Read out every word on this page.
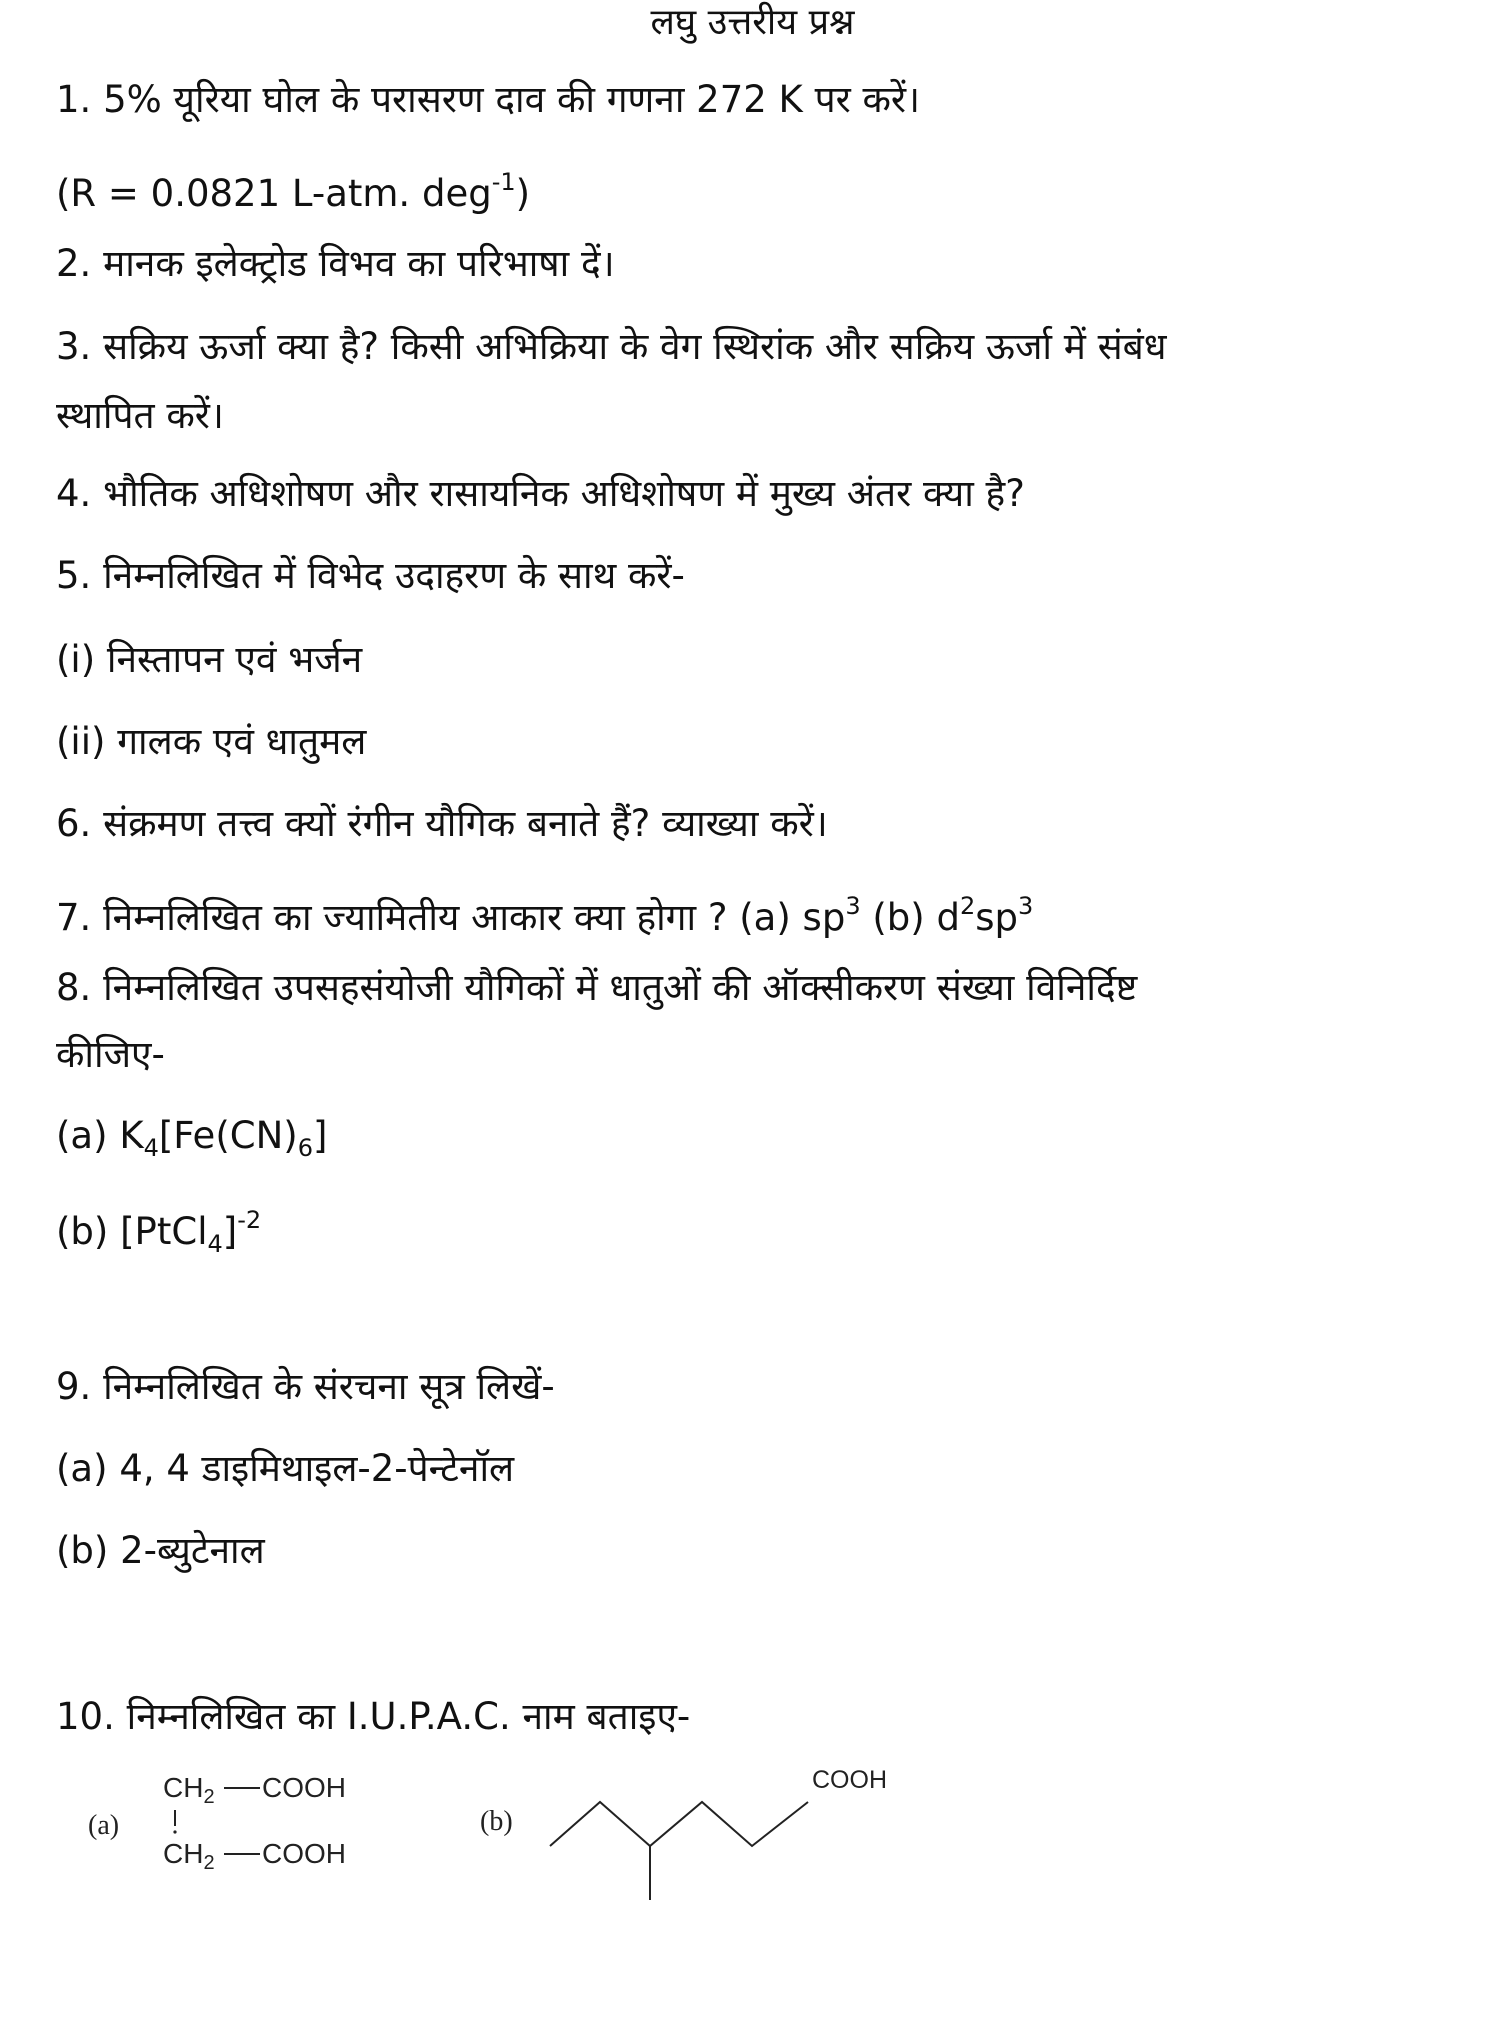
लघु उत्तरीय प्रश्न
1. 5% यूरिया घोल के परासरण दाव की गणना 272 K पर करें।
(R = 0.0821 L-atm. deg$^{-1}$)
2. मानक इलेक्ट्रोड विभव का परिभाषा दें।
3. सक्रिय ऊर्जा क्या है? किसी अभिक्रिया के वेग स्थिरांक और सक्रिय ऊर्जा में संबंध
स्थापित करें।
4. भौतिक अधिशोषण और रासायनिक अधिशोषण में मुख्य अंतर क्या है?
5. निम्नलिखित में विभेद उदाहरण के साथ करें-
(i) निस्तापन एवं भर्जन
(ii) गालक एवं धातुमल
6. संक्रमण तत्त्व क्यों रंगीन यौगिक बनाते हैं? व्याख्या करें।
7. निम्नलिखित का ज्यामितीय आकार क्या होगा ? (a) $sp^3$ (b) $d^2sp^3$
8. निम्नलिखित उपसहसंयोजी यौगिकों में धातुओं की ऑक्सीकरण संख्या विनिर्दिष्ट
कीजिए-
(a) $K_4[Fe(CN)_6]$
(b) [PtCl$_4$]$^{-2}$
9. निम्नलिखित के संरचना सूत्र लिखें-
(a) 4, 4 डाइमिथाइल-2-पेन्टेनॉल
(b) 2-ब्युटेनाल
10. निम्नलिखित का I.U.P.A.C. नाम बताइए-
(a)
$CH_2$ COOH
$CH_2$ COOH
(b)
COOH
